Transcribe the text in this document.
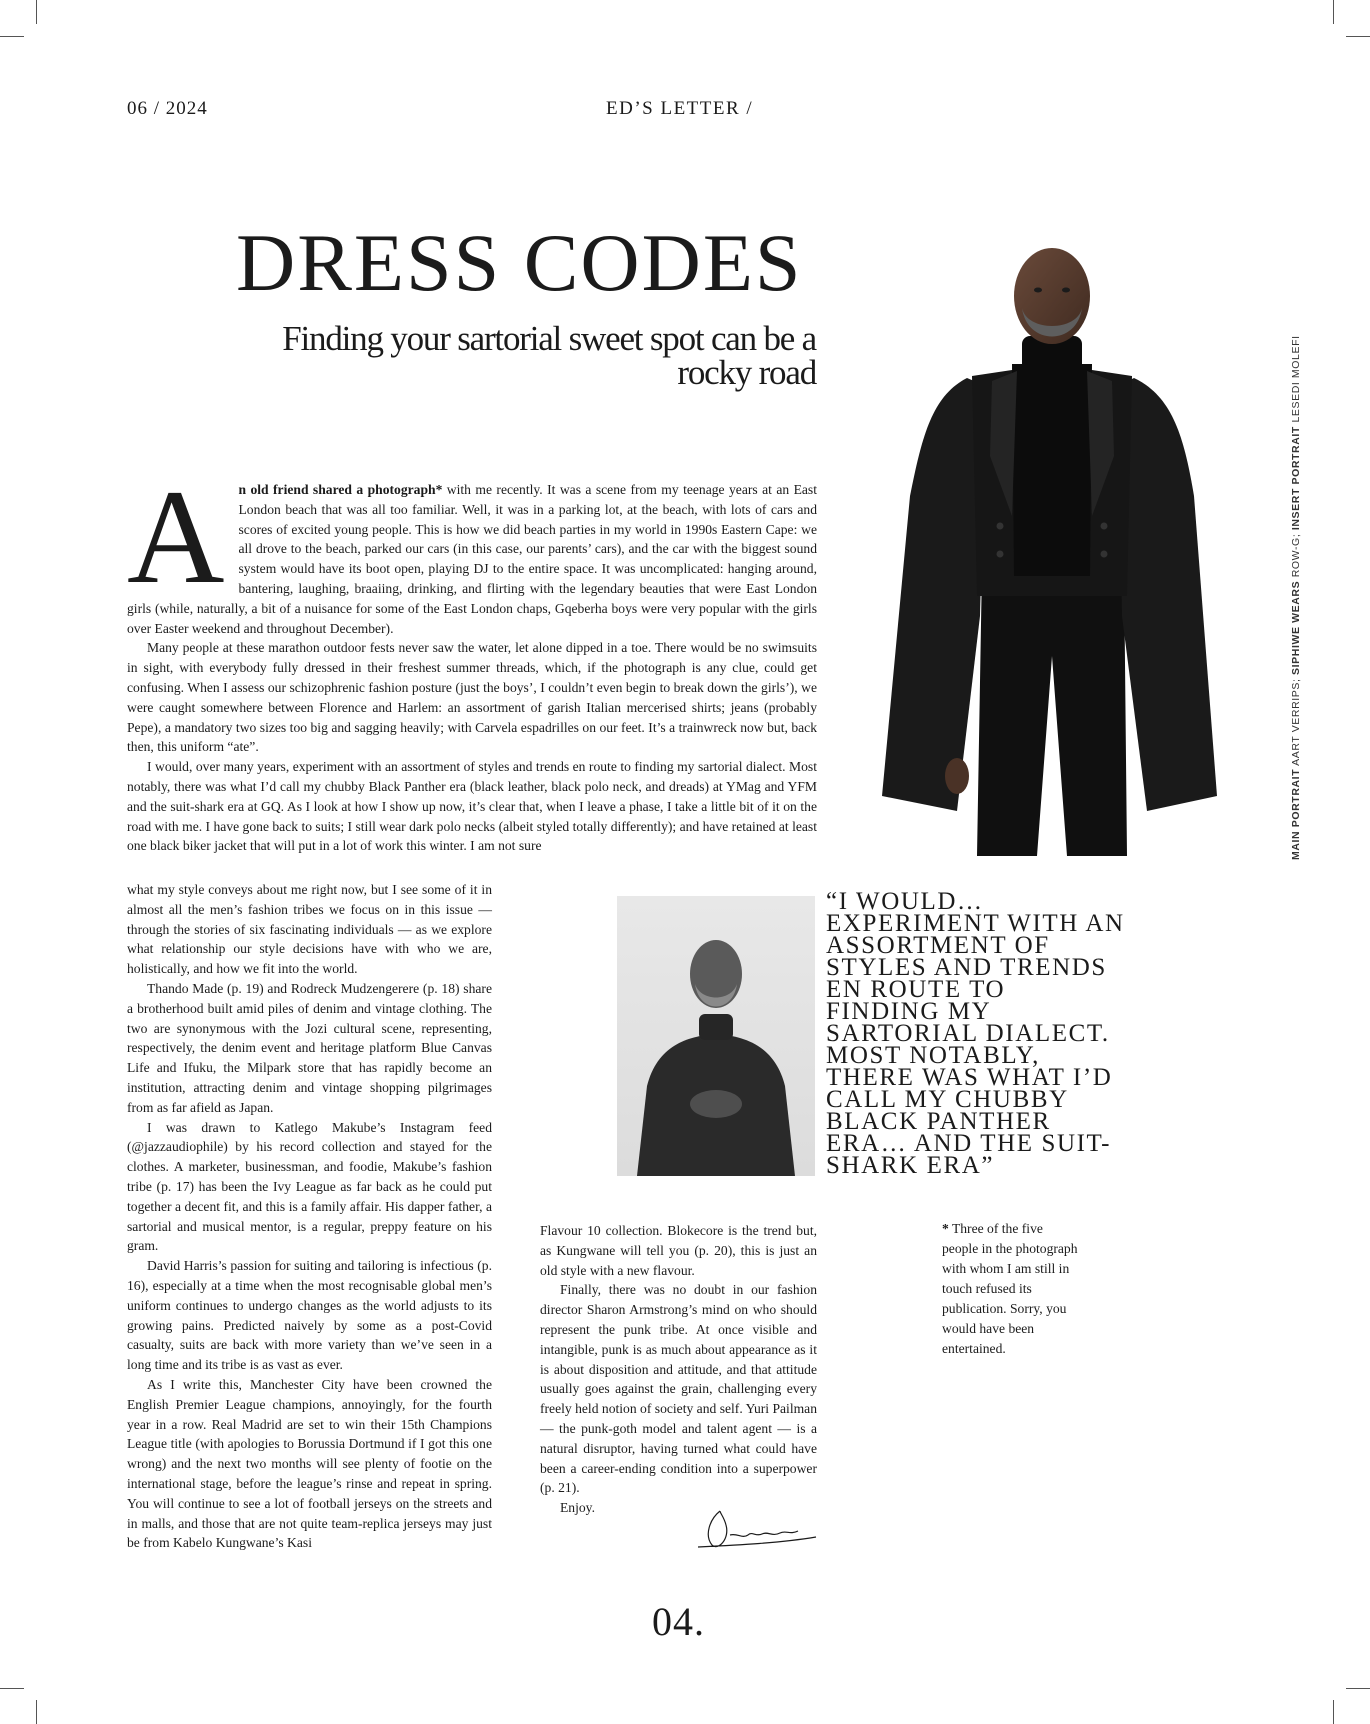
06 / 2024	ED’S LETTER /
DRESS CODES
Finding your sartorial sweet spot can be a rocky road
MAIN PORTRAIT AART VERRIPS; SIPHIWE WEARS ROW-G; INSERT PORTRAIT LESEDI MOLEFI
A	n old friend shared a photograph* with me recently. It was a scene from my teenage years at an East London beach that was all too familiar. Well, it was in a parking lot, at the beach, with lots of cars and scores of excited young people. This is how we did beach parties in my world in 1990s Eastern Cape: we all drove to the beach, parked our cars (in this case, our parents’ cars), and the car with the biggest sound system would have its boot open, playing DJ to the entire space. It was uncomplicated: hanging around, bantering, laughing, braaiing, drinking, and flirting with the legendary beauties that were East London girls (while, naturally, a bit of a nuisance for some of the East London chaps, Gqeberha boys were very popular with the girls over Easter weekend and throughout December).

Many people at these marathon outdoor fests never saw the water, let alone dipped in a toe. There would be no swimsuits in sight, with everybody fully dressed in their freshest summer threads, which, if the photograph is any clue, could get confusing. When I assess our schizophrenic fashion posture (just the boys’, I couldn’t even begin to break down the girls’), we were caught somewhere between Florence and Harlem: an assortment of garish Italian mercerised shirts; jeans (probably Pepe), a mandatory two sizes too big and sagging heavily; with Carvela espadrilles on our feet. It’s a trainwreck now but, back then, this uniform “ate”.

I would, over many years, experiment with an assortment of styles and trends en route to finding my sartorial dialect. Most notably, there was what I’d call my chubby Black Panther era (black leather, black polo neck, and dreads) at YMag and YFM and the suit-shark era at GQ. As I look at how I show up now, it’s clear that, when I leave a phase, I take a little bit of it on the road with me. I have gone back to suits; I still wear dark polo necks (albeit styled totally differently); and have retained at least one black biker jacket that will put in a lot of work this winter. I am not sure

“I WOULD… EXPERIMENT WITH AN ASSORTMENT OF STYLES AND TRENDS EN ROUTE TO FINDING MY SARTORIAL DIALECT. MOST NOTABLY, THERE WAS WHAT I’D CALL MY CHUBBY BLACK PANTHER ERA… AND THE SUIT-SHARK ERA”

what my style conveys about me right now, but I see some of it in almost all the men’s fashion tribes we focus on in this issue — through the stories of six fascinating individuals — as we explore what relationship our style decisions have with who we are, holistically, and how we fit into the world.

Thando Made (p. 19) and Rodreck Mudzengerere (p. 18) share a brotherhood built amid piles of denim and vintage clothing. The two are synonymous with the Jozi cultural scene, representing, respectively, the denim event and heritage platform Blue Canvas Life and Ifuku, the Milpark store that has rapidly become an institution, attracting denim and vintage shopping pilgrimages from as far afield as Japan.

I was drawn to Katlego Makube’s Instagram feed (@jazzaudiophile) by his record collection and stayed for the clothes. A marketer, businessman, and foodie, Makube’s fashion tribe (p. 17) has been the Ivy League as far back as he could put together a decent fit, and this is a family affair. His dapper father, a sartorial and musical mentor, is a regular, preppy feature on his gram.

David Harris’s passion for suiting and tailoring is infectious (p. 16), especially at a time when the most recognisable global men’s uniform continues to undergo changes as the world adjusts to its growing pains. Predicted naively by some as a post-Covid casualty, suits are back with more variety than we’ve seen in a long time and its tribe is as vast as ever.

As I write this, Manchester City have been crowned the English Premier League champions, annoyingly, for the fourth year in a row. Real Madrid are set to win their 15th Champions League title (with apologies to Borussia Dortmund if I got this one wrong) and the next two months will see plenty of footie on the international stage, before the league’s rinse and repeat in spring. You will continue to see a lot of football jerseys on the streets and in malls, and those that are not quite team-replica jerseys may just be from Kabelo Kungwane’s Kasi

Flavour 10 collection. Blokecore is the trend but, as Kungwane will tell you (p. 20), this is just an old style with a new flavour.

Finally, there was no doubt in our fashion director Sharon Armstrong’s mind on who should represent the punk tribe. At once visible and intangible, punk is as much about appearance as it is about disposition and attitude, and that attitude usually goes against the grain, challenging every freely held notion of society and self. Yuri Pailman — the punk-goth model and talent agent — is a natural disruptor, having turned what could have been a career-ending condition into a superpower (p. 21).

Enjoy.

* Three of the five people in the photograph with whom I am still in touch refused its publication. Sorry, you would have been entertained.
04.
